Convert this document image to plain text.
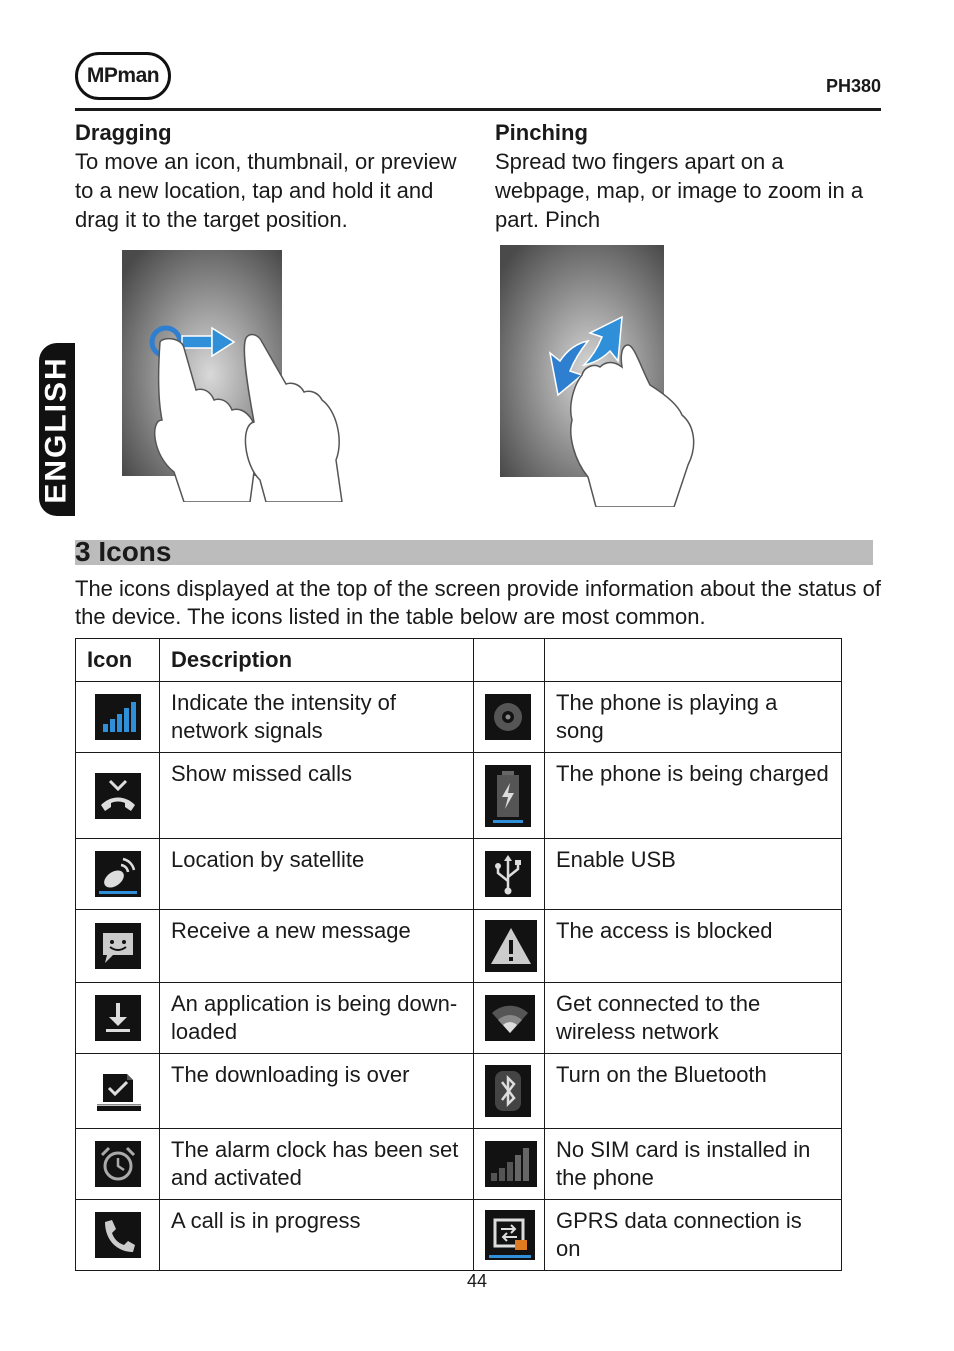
MPman	PH380
ENGLISH
Dragging

To move an icon, thumbnail, or preview to a new location, tap and hold it and drag it to the target position.

Pinching

Spread two fingers apart on a webpage, map, or image to zoom in a part. Pinch

3 Icons

The icons displayed at the top of the screen provide information about the status of the device. The icons listed in the table below are most common.

Icon	Description		

	Indicate the intensity of network signals		The phone is playing a song

	Show missed calls		The phone is being charged

	Location by satellite		Enable USB

	Receive a new message		The access is blocked

	An application is being down-loaded		Get connected to the wireless network

	The downloading is over		Turn on the Bluetooth

	The alarm clock has been set and activated		No SIM card is installed in the phone

	A call is in progress		GPRS data connection is on
44
